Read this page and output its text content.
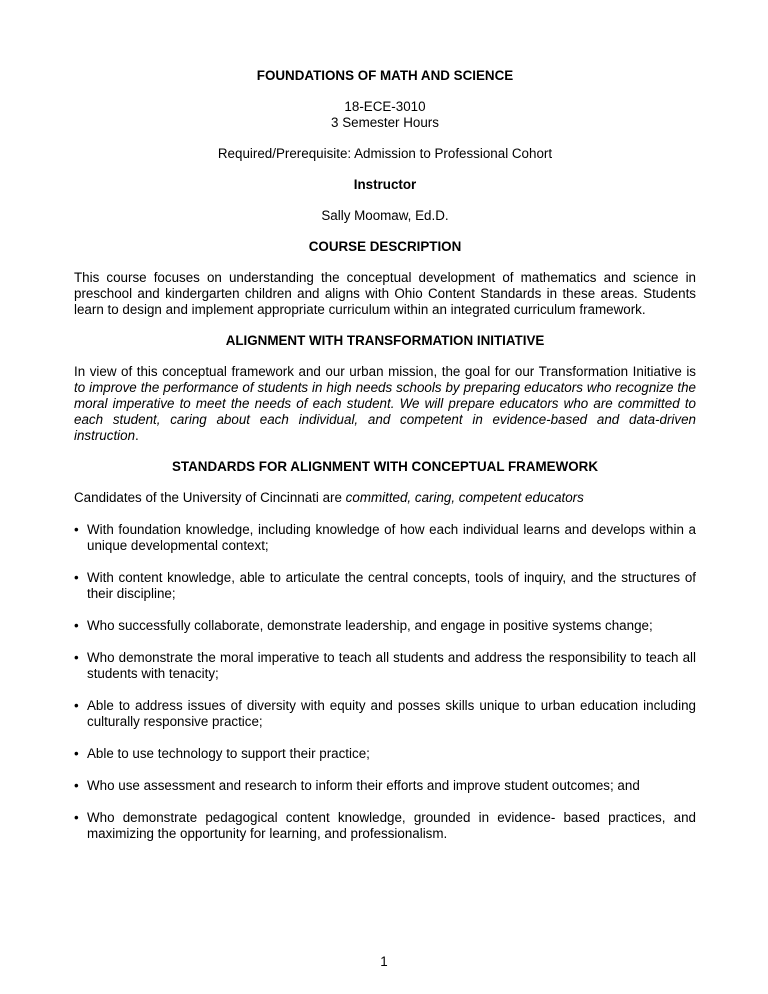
FOUNDATIONS OF MATH AND SCIENCE

18-ECE-3010

3 Semester Hours

Required/Prerequisite: Admission to Professional Cohort

Instructor

Sally Moomaw, Ed.D.

COURSE DESCRIPTION

This course focuses on understanding the conceptual development of mathematics and science in preschool and kindergarten children and aligns with Ohio Content Standards in these areas. Students learn to design and implement appropriate curriculum within an integrated curriculum framework.

ALIGNMENT WITH TRANSFORMATION INITIATIVE

In view of this conceptual framework and our urban mission, the goal for our Transformation Initiative is to improve the performance of students in high needs schools by preparing educators who recognize the moral imperative to meet the needs of each student. We will prepare educators who are committed to each student, caring about each individual, and competent in evidence-based and data-driven instruction.

STANDARDS FOR ALIGNMENT WITH CONCEPTUAL FRAMEWORK

Candidates of the University of Cincinnati are committed, caring, competent educators

• With foundation knowledge, including knowledge of how each individual learns and develops within a unique developmental context;
• With content knowledge, able to articulate the central concepts, tools of inquiry, and the structures of their discipline;
• Who successfully collaborate, demonstrate leadership, and engage in positive systems change;
• Who demonstrate the moral imperative to teach all students and address the responsibility to teach all students with tenacity;
• Able to address issues of diversity with equity and posses skills unique to urban education including culturally responsive practice;
• Able to use technology to support their practice;
• Who use assessment and research to inform their efforts and improve student outcomes; and
• Who demonstrate pedagogical content knowledge, grounded in evidence- based practices, and maximizing the opportunity for learning, and professionalism.
1
